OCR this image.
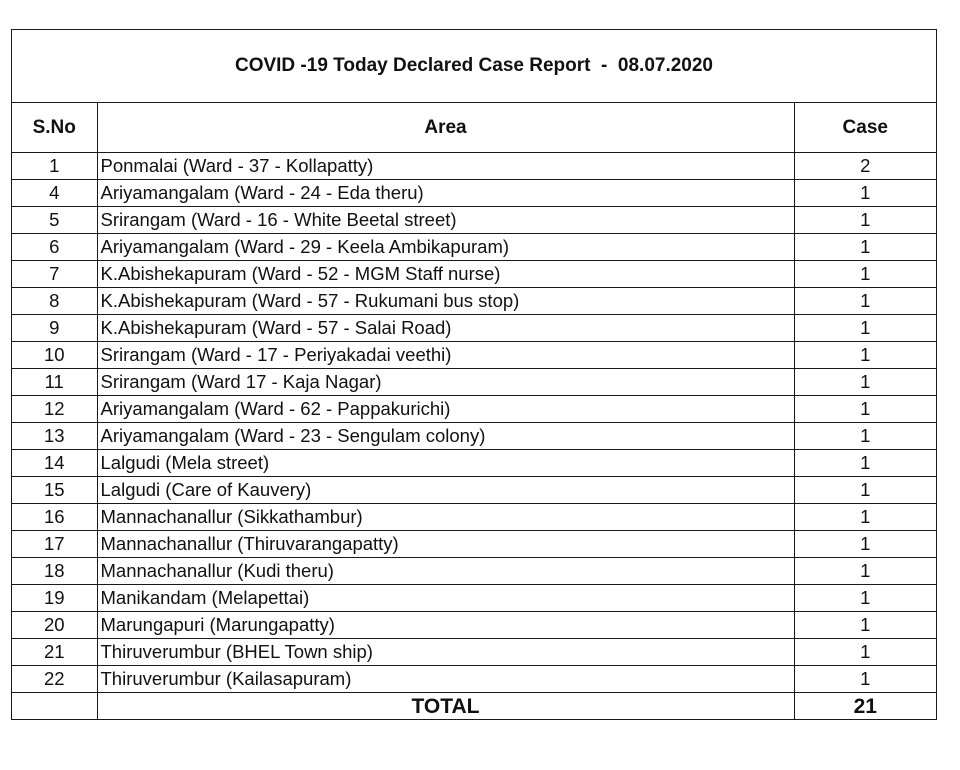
COVID -19 Today Declared Case Report  -  08.07.2020
S.No	Area	Case
1	Ponmalai (Ward - 37 - Kollapatty)	2
4	Ariyamangalam (Ward - 24 - Eda theru)	1
5	Srirangam (Ward - 16 - White Beetal street)	1
6	Ariyamangalam (Ward - 29 - Keela Ambikapuram)	1
7	K.Abishekapuram (Ward - 52 - MGM Staff nurse)	1
8	K.Abishekapuram (Ward - 57 - Rukumani bus stop)	1
9	K.Abishekapuram (Ward - 57 - Salai Road)	1
10	Srirangam (Ward - 17 - Periyakadai veethi)	1
11	Srirangam (Ward 17 - Kaja Nagar)	1
12	Ariyamangalam (Ward - 62 - Pappakurichi)	1
13	Ariyamangalam (Ward - 23 - Sengulam colony)	1
14	Lalgudi (Mela street)	1
15	Lalgudi (Care of Kauvery)	1
16	Mannachanallur (Sikkathambur)	1
17	Mannachanallur (Thiruvarangapatty)	1
18	Mannachanallur (Kudi theru)	1
19	Manikandam (Melapettai)	1
20	Marungapuri (Marungapatty)	1
21	Thiruverumbur (BHEL Town ship)	1
22	Thiruverumbur (Kailasapuram)	1
	TOTAL	21
